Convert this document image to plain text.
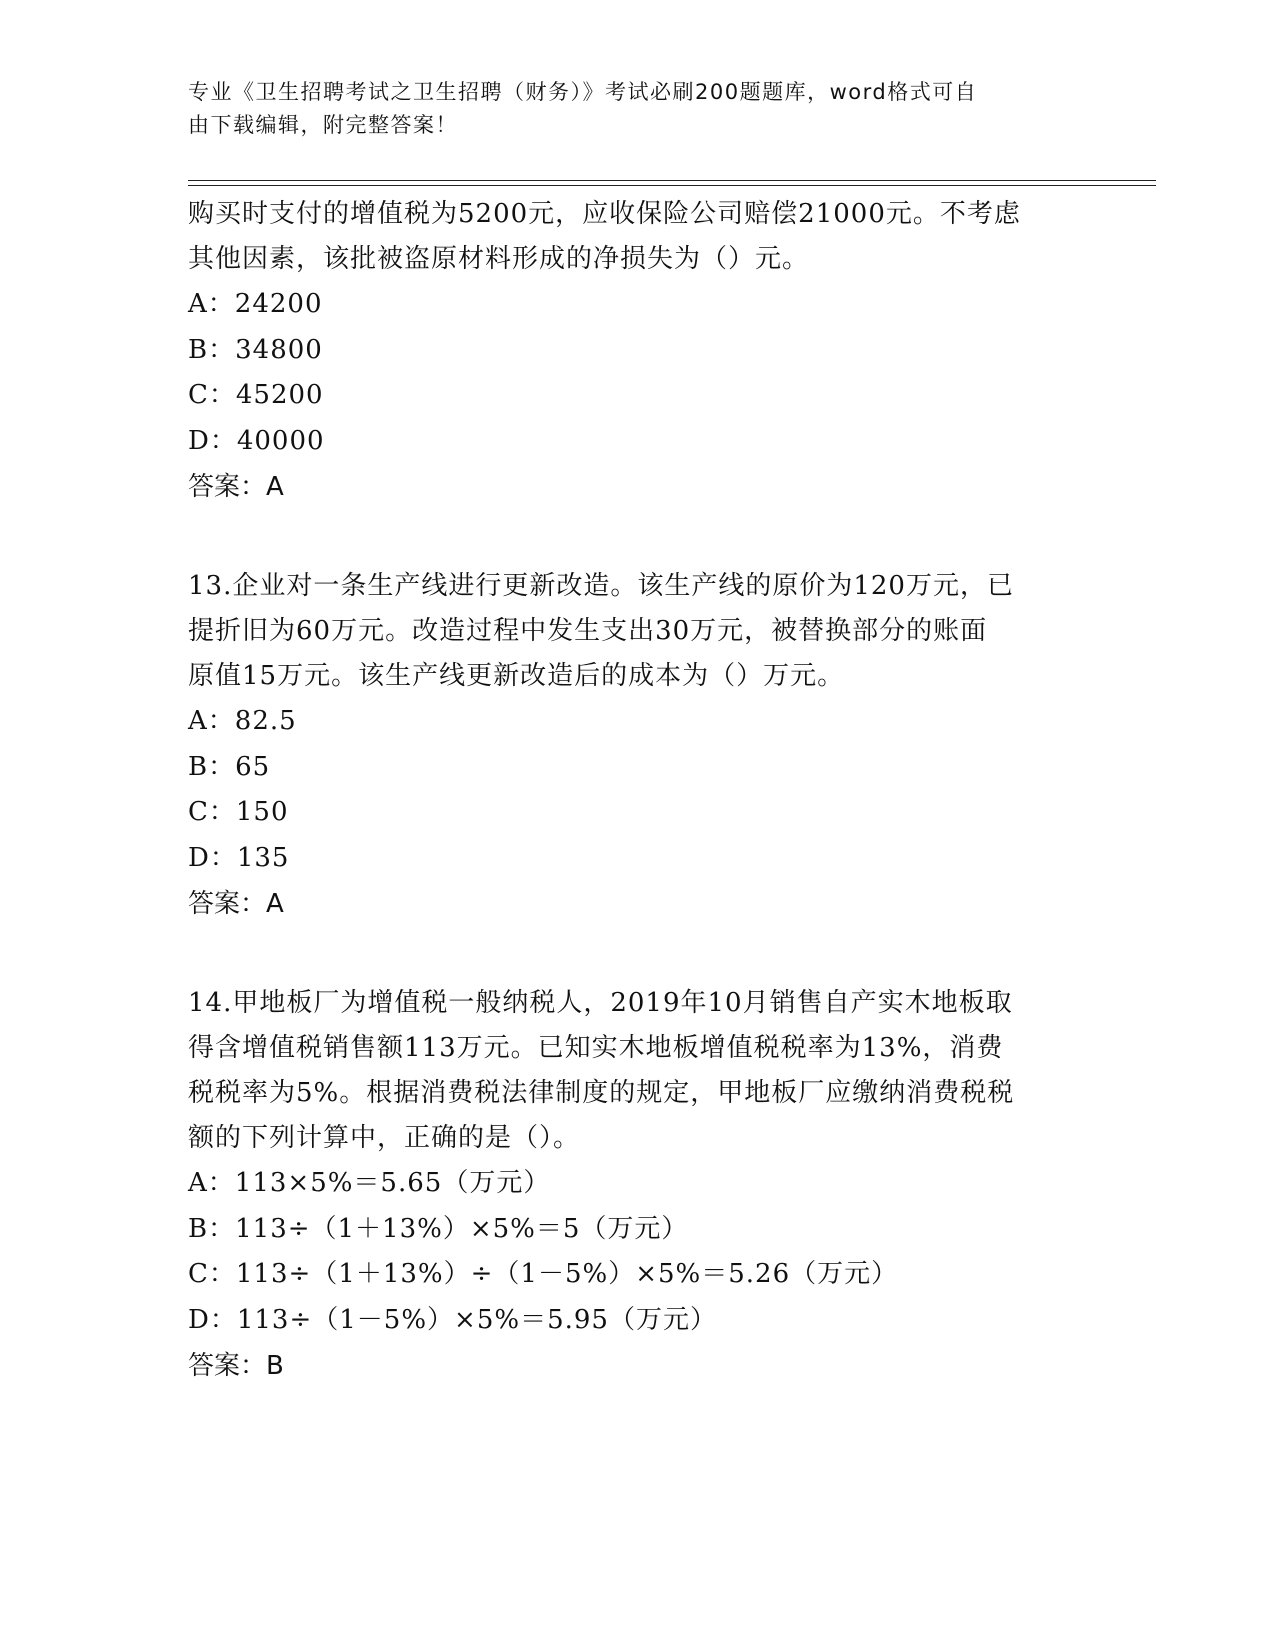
专业《卫生招聘考试之卫生招聘（财务）》考试必刷200题题库，word格式可自
由下载编辑，附完整答案！
购买时支付的增值税为5200元，应收保险公司赔偿21000元。不考虑
其他因素，该批被盗原材料形成的净损失为（）元。
A：24200
B：34800
C：45200
D：40000
答案：A
13.企业对一条生产线进行更新改造。该生产线的原价为120万元，已
提折旧为60万元。改造过程中发生支出30万元，被替换部分的账面
原值15万元。该生产线更新改造后的成本为（）万元。
A：82.5
B：65
C：150
D：135
答案：A
14.甲地板厂为增值税一般纳税人，2019年10月销售自产实木地板取
得含增值税销售额113万元。已知实木地板增值税税率为13%，消费
税税率为5%。根据消费税法律制度的规定，甲地板厂应缴纳消费税税
额的下列计算中，正确的是（）。
A：113×5%＝5.65（万元）
B：113÷（1＋13%）×5%＝5（万元）
C：113÷（1＋13%）÷（1－5%）×5%＝5.26（万元）
D：113÷（1－5%）×5%＝5.95（万元）
答案：B
